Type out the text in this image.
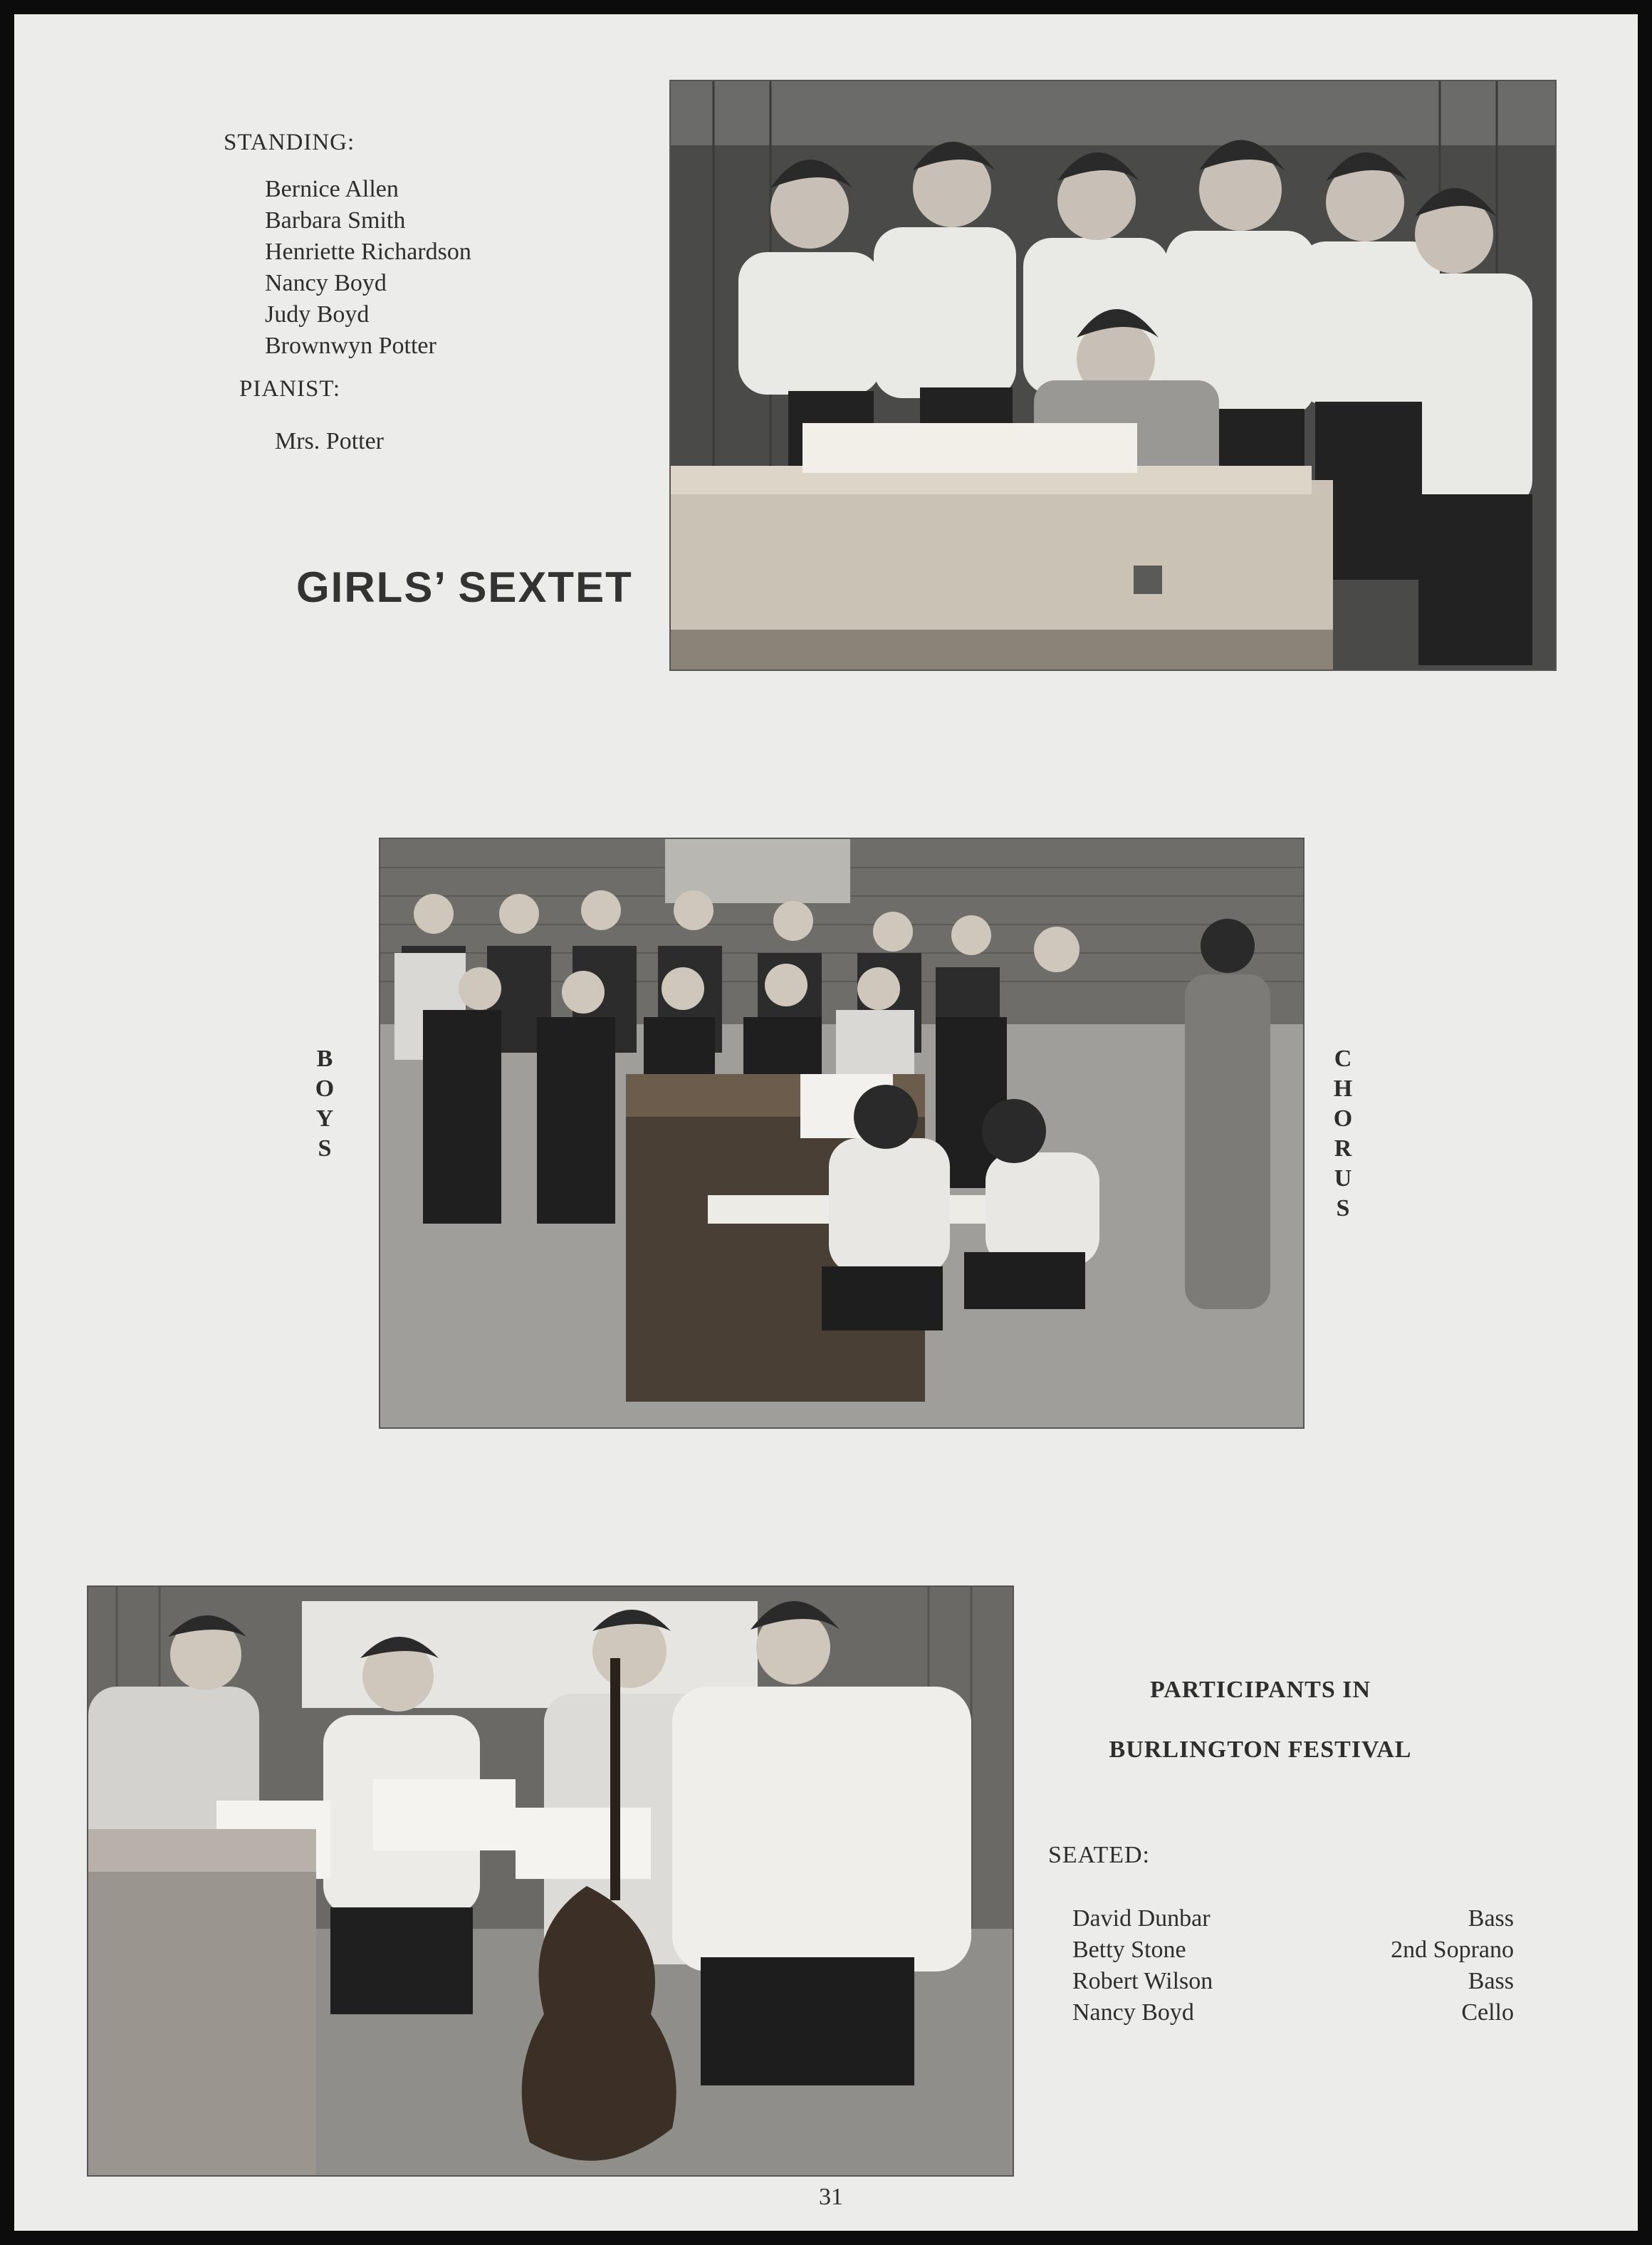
STANDING:
Bernice Allen
Barbara Smith
Henriette Richardson
Nancy Boyd
Judy Boyd
Brownwyn Potter
PIANIST:
Mrs. Potter
GIRLS’ SEXTET
B
O
Y
S
C
H
O
R
U
S
PARTICIPANTS IN
BURLINGTON FESTIVAL
SEATED:
David Dunbar	Bass
Betty Stone	2nd Soprano
Robert Wilson	Bass
Nancy Boyd	Cello
31
